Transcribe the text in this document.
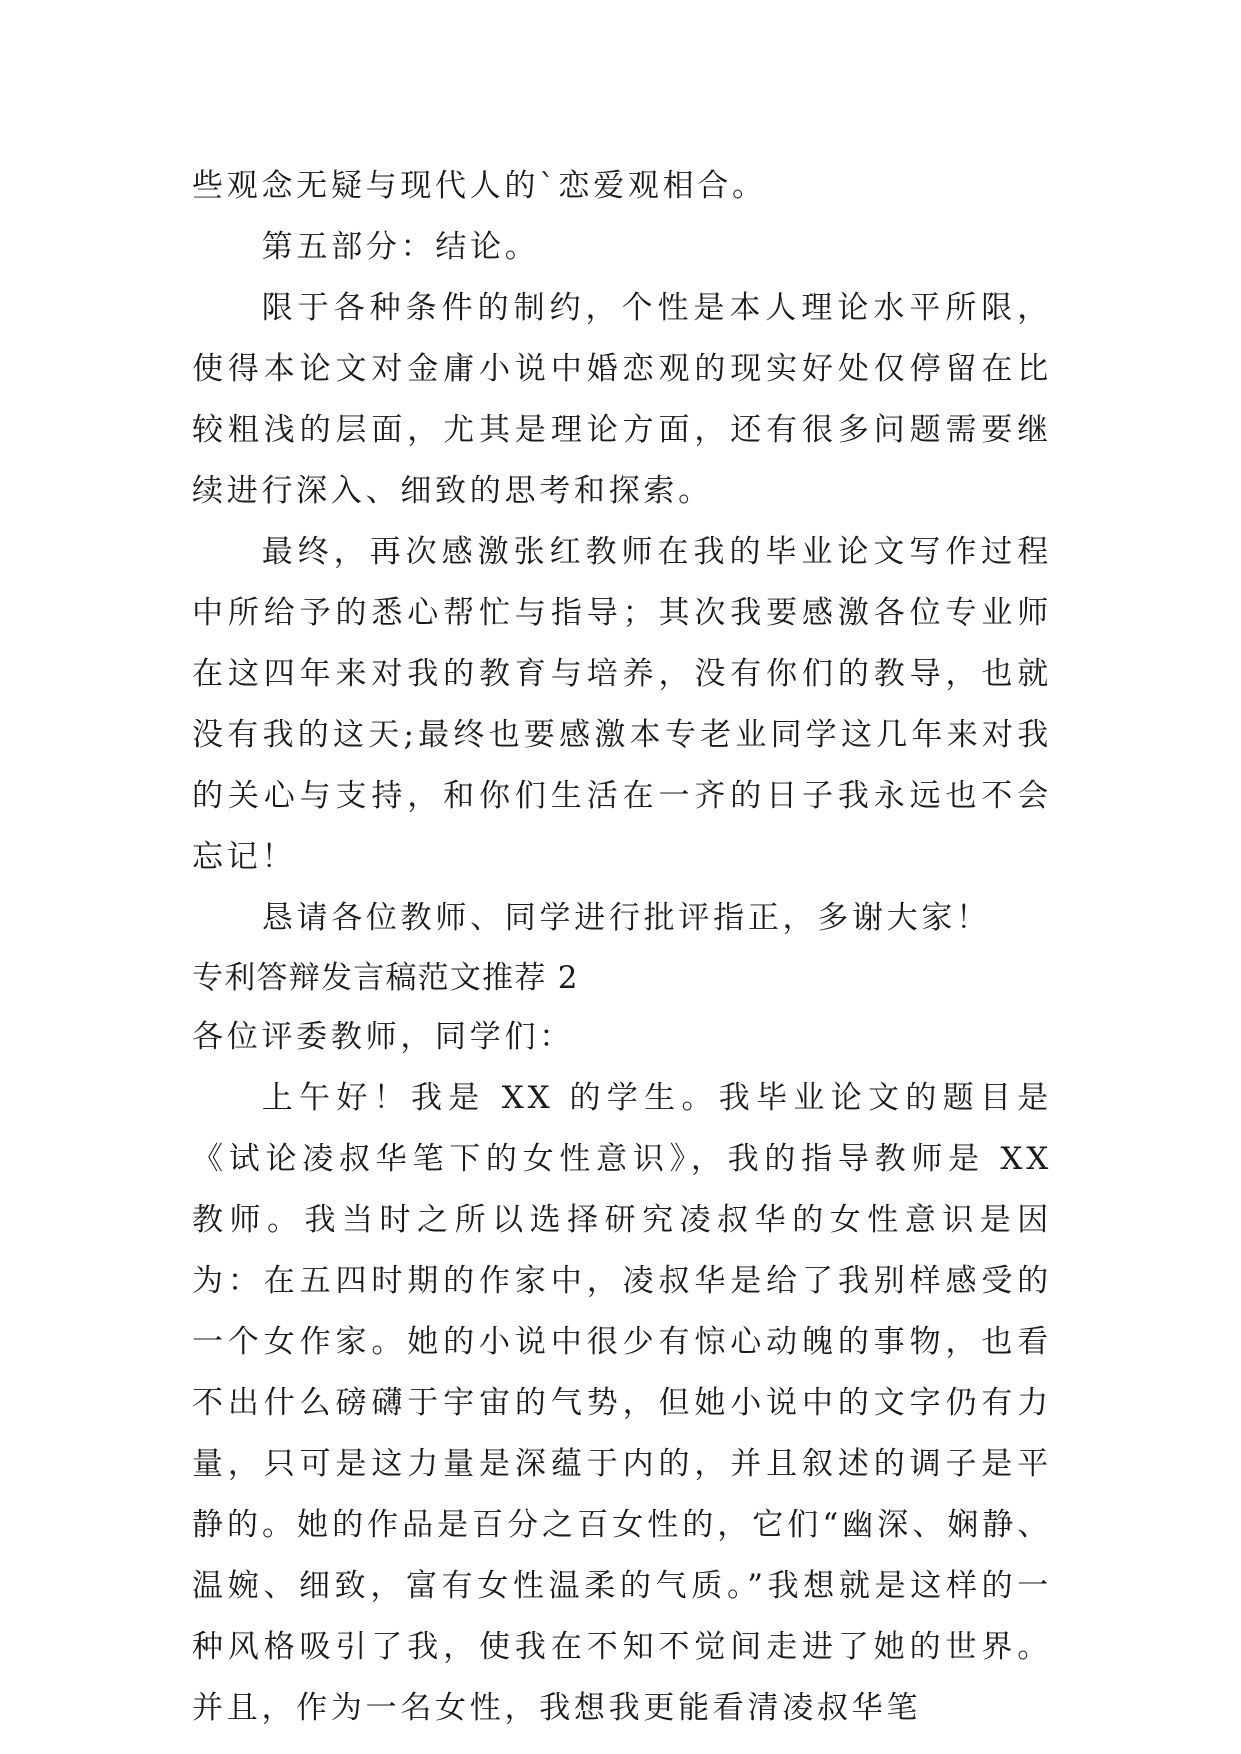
些观念无疑与现代人的`恋爱观相合。

第五部分：结论。

限于各种条件的制约，个性是本人理论水平所限，使得本论文对金庸小说中婚恋观的现实好处仅停留在比较粗浅的层面，尤其是理论方面，还有很多问题需要继续进行深入、细致的思考和探索。

最终，再次感激张红教师在我的毕业论文写作过程中所给予的悉心帮忙与指导；其次我要感激各位专业师在这四年来对我的教育与培养，没有你们的教导，也就没有我的这天;最终也要感激本专老业同学这几年来对我的关心与支持，和你们生活在一齐的日子我永远也不会忘记！

恳请各位教师、同学进行批评指正，多谢大家！

专利答辩发言稿范文推荐 2

各位评委教师，同学们：

上午好！我是 XX 的学生。我毕业论文的题目是《试论凌叔华笔下的女性意识》，我的指导教师是 XX 教师。我当时之所以选择研究凌叔华的女性意识是因为：在五四时期的作家中，凌叔华是给了我别样感受的一个女作家。她的小说中很少有惊心动魄的事物，也看不出什么磅礴于宇宙的气势，但她小说中的文字仍有力量，只可是这力量是深蕴于内的，并且叙述的调子是平静的。她的作品是百分之百女性的，它们“幽深、娴静、温婉、细致，富有女性温柔的气质。”我想就是这样的一种风格吸引了我，使我在不知不觉间走进了她的世界。并且，作为一名女性，我想我更能看清凌叔华笔
